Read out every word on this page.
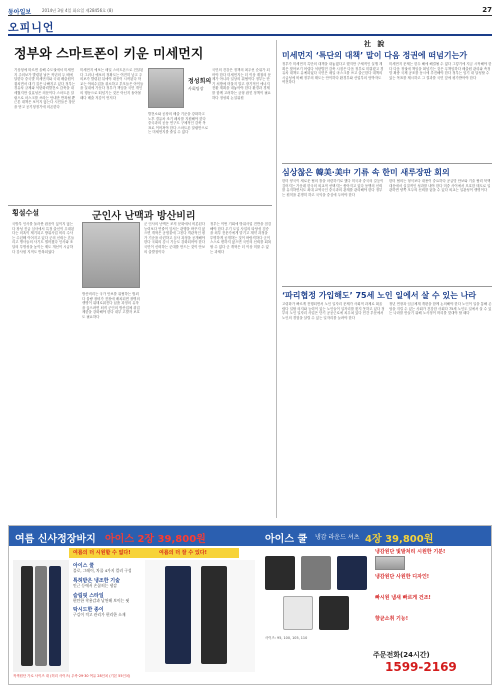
동아일보	2014년 3월 4일 화요일 제28456호 (8)	27
오피니언
정부와 스마트폰이 키운 미세먼지
정성희의
사회팀장
기상청에 따르면 올해 수도권에서 미세먼지 주의보가 발령된 날은 작년의 두 배에 달한다 중국발 미세먼지와 국내 배출원이 겹치면서 대기 질은 나빠지고 있다 정부는 경유차 규제와 석탄화력발전소 감축을 내세웠지만 실효성은 의문이다 스마트폰 알림으로 마스크를 쓰라는 안내만 반복될 뿐 근본 대책은 보이지 않는다 시민들은 창문을 닫고 공기청정기에 의존한다
미세먼지 예보는 매일 스마트폰으로 전달된다 그러나 예보의 정확도는 여전히 낮고 주의보가 발령된 뒤에야 대응이 시작된다 학교는 야외수업을 취소하고 부모들은 아이들을 실내에 가둔다 정부가 책임을 국민 개인의 행동으로 떠넘기는 것은 아닌지 돌아볼 때다 배출 저감이 먼저다
발전소와 공장의 배출 기준을 강화하고 노후 경유차 조기 폐차를 지원해야 한다 중국과의 공동 연구도 구체적인 감축 목표로 이어져야 한다 스마트폰 알림만으로는 미세먼지를 줄일 수 없다
국민의 건강은 정책의 최우선 순위가 되어야 한다 미세먼지는 더 이상 계절의 문제가 아니라 일상의 위협이다 정부는 단기 처방에 머물지 말고 장기적인 에너지 전환 계획을 내놓아야 한다 환경과 경제를 함께 고려하는 균형 잡힌 정책이 필요하다 정성희 논설위원
社 說
미세먼지 ‘특단의 대책’ 말이 다음 정권에 떠넘기는가
정부가 미세먼지 특단의 대책을 내놓겠다고 했지만 구체적인 실행 계획은 찾아보기 어렵다 석탄발전 감축 시점은 다음 정부로 미뤄졌고 경유차 대책도 유예되었다 국민은 매일 마스크를 쓰고 출근한다 대책의 시급성에 비해 정부의 태도는 안이하다 환경부와 산업부의 엇박자도 여전하다
미세먼지 문제는 한두 해에 해결될 수 없다 그렇기에 지금 시작해야 한다 다음 정권에 책임을 떠넘기는 것은 무책임하다 배출원 관리와 측정망 확충 국제 공조를 동시에 추진해야 한다 정부는 임기 내 달성할 수 있는 목표를 제시하고 그 결과를 국민 앞에 평가받아야 한다
심상찮은 韓美·美中 기류 속 한미 새루장판 회의
한미 양국이 새로운 협의 틀을 마련하기로 했다 미국과 중국의 갈등이 깊어지는 가운데 한국의 외교적 선택지는 좁아지고 있다 동맹의 신뢰를 유지하면서도 최대 교역국인 중국과의 관계를 관리해야 한다 정부는 원칙을 분명히 하고 국익을 중심에 두어야 한다
한미 협의는 형식보다 내용이 중요하다 공급망 안보와 기술 협력 북핵 대응에서 실질적인 성과를 내야 한다 미중 사이에서 모호한 태도로 일관하면 양쪽 모두의 신뢰를 잃을 수 있다 외교는 일관성이 생명이다
‘파리협정 가입해도’ 75세 노인 일에서 살 수 있는 나라
고령화가 빠르게 진행되면서 노인 일자리 문제가 사회적 과제로 떠올랐다 일할 의지와 능력이 있는 노인들이 일자리를 찾지 못하고 있다 정부의 노인 일자리 사업은 단기 공공근로에 치우쳐 있다 민간 부문에서 노인의 경험을 살릴 수 있는 일자리를 늘려야 한다
정년 연장과 임금체계 개편을 함께 논의해야 한다 노인이 일을 통해 존엄을 지킬 수 있는 사회가 건강한 사회다 75세 노인도 일에서 살 수 있는 나라를 만들기 위해 노사정이 머리를 맞대야 할 때다
횡설수설	군인사 난맥과 방산비리
국방부 인사를 둘러싼 잡음이 끊이지 않는다 장성 진급 심사에서 특정 출신이 우대된다는 의혹이 제기되고 방위사업 비리 수사는 수년째 이어지고 있다 군의 신뢰는 흔들리고 병사들의 사기도 떨어졌다 인사와 조달의 투명성을 높이는 제도 개선이 시급하다 감사원 지적도 반복되었다
방산비리는 국가 안보를 위협하는 범죄다 불량 장비가 전장에 배치되면 장병의 생명이 위태로워진다 납품 과정의 유착을 끊으려면 퇴직 군인의 방산업체 취업 제한을 강화해야 한다 내부 고발자 보호도 필요하다
군 인사의 난맥은 조직 문화에서 비롯된다 능력보다 연줄이 앞서는 관행을 바꾸지 않으면 개혁은 공염불에 그친다 객관적인 평가 기준을 마련하고 심사 과정을 공개해야 한다 국회의 감시 기능도 강화되어야 한다 국민이 신뢰하는 군대를 만드는 것이 안보의 출발점이다
정부는 이번 기회에 방위사업 전반을 점검해야 한다 무기 도입 사업의 타당성 검증을 외부 전문가에게 맡기고 계약 과정을 투명하게 공개하는 것이 바람직하다 군이 스스로 변하지 않으면 국민의 신뢰를 회복할 수 없다 군 개혁은 더 이상 미룰 수 없는 과제다
여름 신사정장바지 아이스 2장 39,800원	아이스 쿨 냉감 라운드 셔츠 4장 39,800원
여름의 더 시원할 수 없다!	여름의 더 잘 수 있다!
적색원단 가로 사이즈 대 (허리 사이즈) 우측·29·30 여유 28인치 (기본 55인치)
아이스 쿨
블로, 그레이, 차콜 4가지 컬러 구성
특허받은 냉조한 기술
인근 등에서 손꼽히는 냉감
슬림핏 스타일
편안한 착용감과 날씬해 보이는 핏
탁시드한 종이
구김이 적고 관리가 편리한 소재
사이즈: 95, 100, 105, 110
냉감원단 빛발처리 시원한 기분!
냉감원단 사원한 디자인!
빠시원 냄새 빠르게 건조!
향균소취 기능!
주문전화(24시간)
1599-2169
